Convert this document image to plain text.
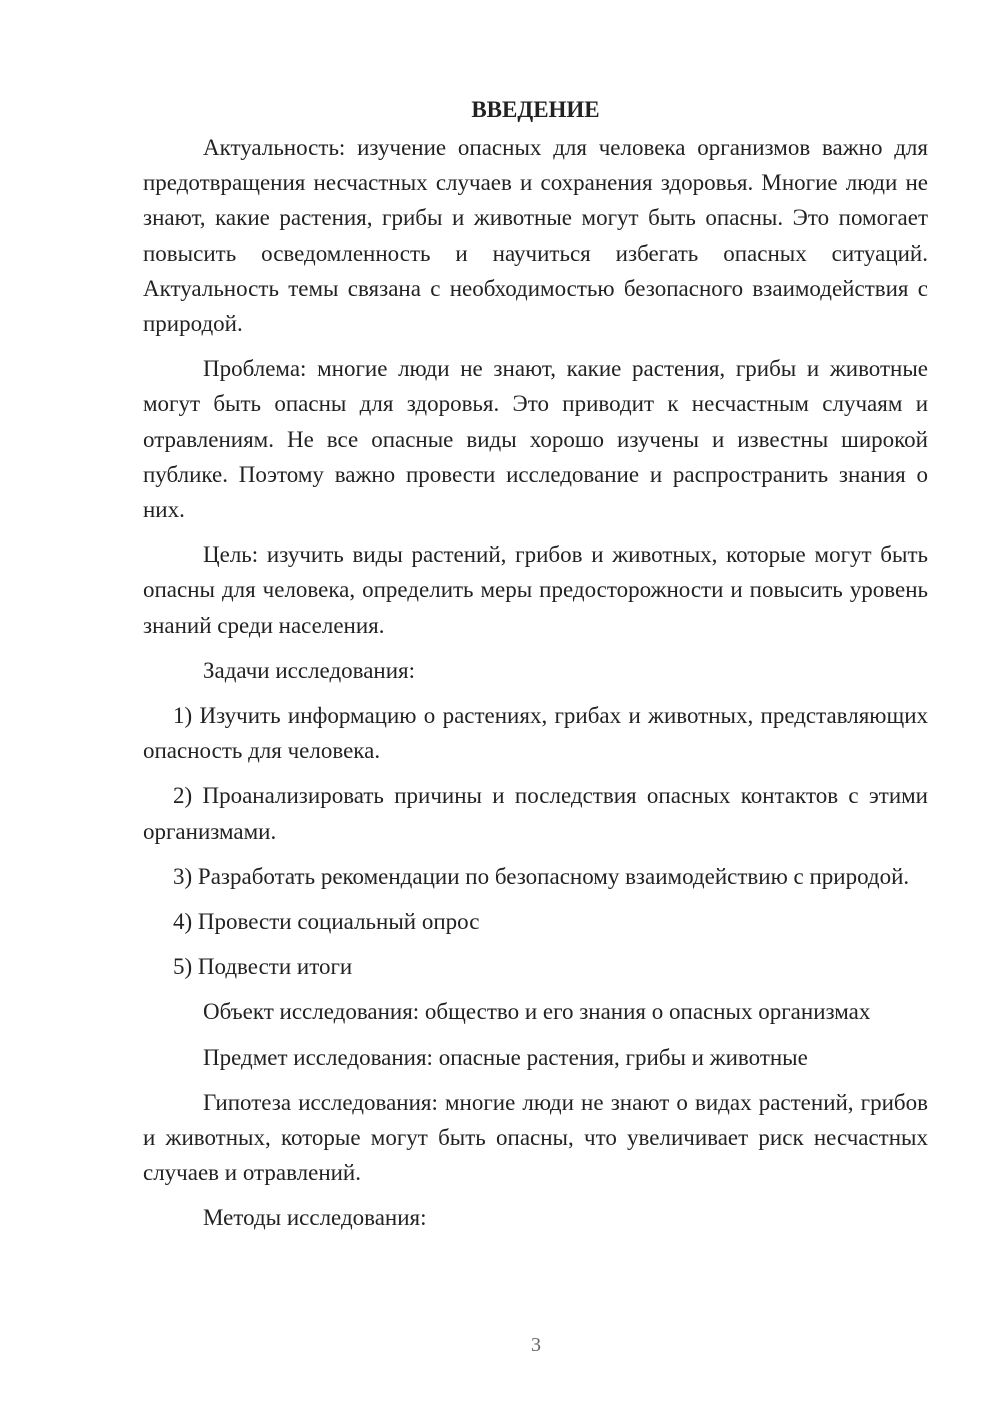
ВВЕДЕНИЕ

Актуальность: изучение опасных для человека организмов важно для предотвращения несчастных случаев и сохранения здоровья. Многие люди не знают, какие растения, грибы и животные могут быть опасны. Это помогает повысить осведомленность и научиться избегать опасных ситуаций. Актуальность темы связана с необходимостью безопасного взаимодействия с природой.

Проблема: многие люди не знают, какие растения, грибы и животные могут быть опасны для здоровья. Это приводит к несчастным случаям и отравлениям. Не все опасные виды хорошо изучены и известны широкой публике. Поэтому важно провести исследование и распространить знания о них.

Цель: изучить виды растений, грибов и животных, которые могут быть опасны для человека, определить меры предосторожности и повысить уровень знаний среди населения.

Задачи исследования:

1) Изучить информацию о растениях, грибах и животных, представляющих опасность для человека.

2) Проанализировать причины и последствия опасных контактов с этими организмами.

3) Разработать рекомендации по безопасному взаимодействию с природой.

4) Провести социальный опрос

5) Подвести итоги

Объект исследования: общество и его знания о опасных организмах

Предмет исследования: опасные растения, грибы и животные

Гипотеза исследования: многие люди не знают о видах растений, грибов и животных, которые могут быть опасны, что увеличивает риск несчастных случаев и отравлений.

Методы исследования:

3
